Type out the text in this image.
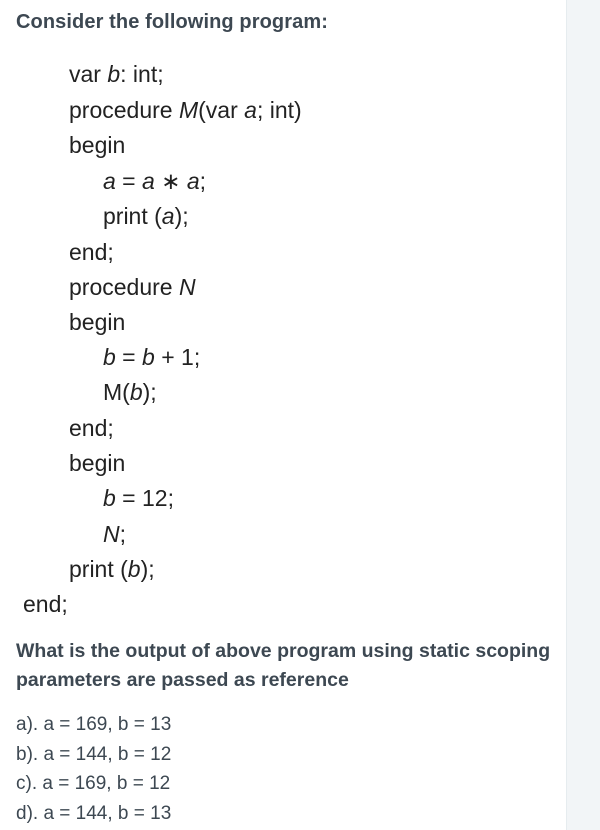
Consider the following program:
var b: int;
procedure M(var a; int)
begin
a = a ∗ a;
print (a);
end;
procedure N
begin
b = b + 1;
M(b);
end;
begin
b = 12;
N;
print (b);
end;

What is the output of above program using static scoping parameters are passed as reference

a). a = 169, b = 13
b). a = 144, b = 12
c). a = 169, b = 12
d). a = 144, b = 13
